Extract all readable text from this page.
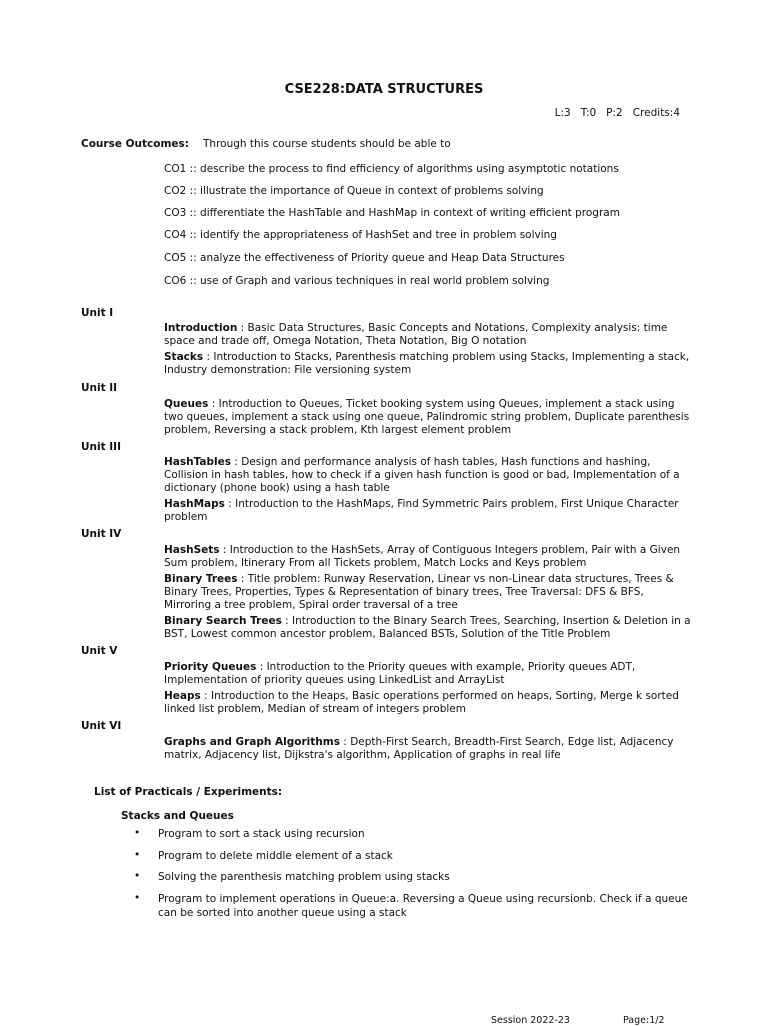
CSE228:DATA STRUCTURES
L:3 T:0 P:2 Credits:4
Course Outcomes: Through this course students should be able to
CO1 :: describe the process to find efficiency of algorithms using asymptotic notations
CO2 :: illustrate the importance of Queue in context of problems solving
CO3 :: differentiate the HashTable and HashMap in context of writing efficient program
CO4 :: identify the appropriateness of HashSet and tree in problem solving
CO5 :: analyze the effectiveness of Priority queue and Heap Data Structures
CO6 :: use of Graph and various techniques in real world problem solving
Unit I
Introduction : Basic Data Structures, Basic Concepts and Notations, Complexity analysis: time space and trade off, Omega Notation, Theta Notation, Big O notation
Stacks : Introduction to Stacks, Parenthesis matching problem using Stacks, Implementing a stack, Industry demonstration: File versioning system
Unit II
Queues : Introduction to Queues, Ticket booking system using Queues, implement a stack using two queues, implement a stack using one queue, Palindromic string problem, Duplicate parenthesis problem, Reversing a stack problem, Kth largest element problem
Unit III
HashTables : Design and performance analysis of hash tables, Hash functions and hashing, Collision in hash tables, how to check if a given hash function is good or bad, Implementation of a dictionary (phone book) using a hash table
HashMaps : Introduction to the HashMaps, Find Symmetric Pairs problem, First Unique Character problem
Unit IV
HashSets : Introduction to the HashSets, Array of Contiguous Integers problem, Pair with a Given Sum problem, Itinerary From all Tickets problem, Match Locks and Keys problem
Binary Trees : Title problem: Runway Reservation, Linear vs non-Linear data structures, Trees & Binary Trees, Properties, Types & Representation of binary trees, Tree Traversal: DFS & BFS, Mirroring a tree problem, Spiral order traversal of a tree
Binary Search Trees : Introduction to the Binary Search Trees, Searching, Insertion & Deletion in a BST, Lowest common ancestor problem, Balanced BSTs, Solution of the Title Problem
Unit V
Priority Queues : Introduction to the Priority queues with example, Priority queues ADT, Implementation of priority queues using LinkedList and ArrayList
Heaps : Introduction to the Heaps, Basic operations performed on heaps, Sorting, Merge k sorted linked list problem, Median of stream of integers problem
Unit VI
Graphs and Graph Algorithms : Depth-First Search, Breadth-First Search, Edge list, Adjacency matrix, Adjacency list, Dijkstra's algorithm, Application of graphs in real life
List of Practicals / Experiments:
Stacks and Queues
• Program to sort a stack using recursion
• Program to delete middle element of a stack
• Solving the parenthesis matching problem using stacks
• Program to implement operations in Queue:a. Reversing a Queue using recursionb. Check if a queue can be sorted into another queue using a stack
Session 2022-23	Page:1/2
